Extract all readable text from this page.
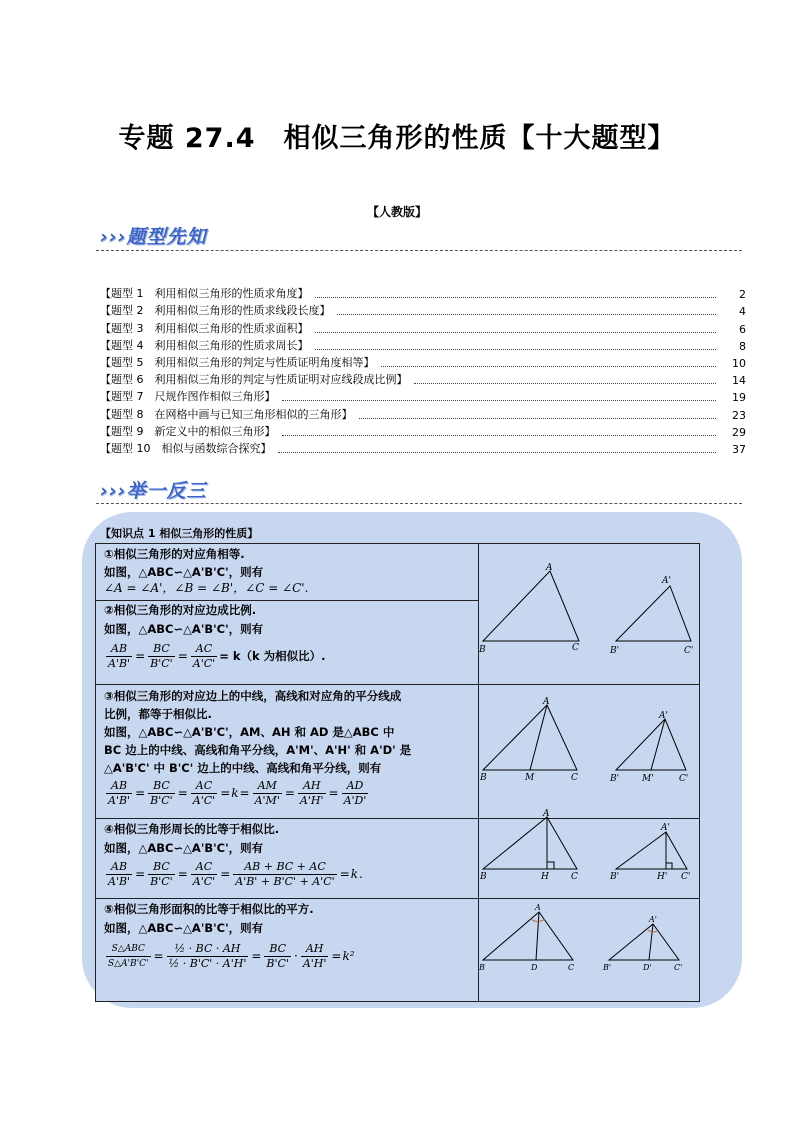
专题 27.4　相似三角形的性质【十大题型】
【人教版】
›››题型先知
【题型 1　利用相似三角形的性质求角度】	2
【题型 2　利用相似三角形的性质求线段长度】	4
【题型 3　利用相似三角形的性质求面积】	6
【题型 4　利用相似三角形的性质求周长】	8
【题型 5　利用相似三角形的判定与性质证明角度相等】	10
【题型 6　利用相似三角形的判定与性质证明对应线段成比例】	14
【题型 7　尺规作图作相似三角形】	19
【题型 8　在网格中画与已知三角形相似的三角形】	23
【题型 9　新定义中的相似三角形】	29
【题型 10　相似与函数综合探究】	37
›››举一反三
【知识点 1 相似三角形的性质】
①相似三角形的对应角相等.
如图，△ABC∽△A'B'C'，则有
∠A = ∠A'，∠B = ∠B'，∠C = ∠C'.
②相似三角形的对应边成比例.
如图，△ABC∽△A'B'C'，则有
$\frac{AB}{A'B'} = \frac{BC}{B'C'} = \frac{AC}{A'C'} = k(k$ 为相似比）.
③相似三角形的对应边上的中线，高线和对应角的平分线成
比例，都等于相似比.
如图，△ABC∽△A'B'C'，AM、AH 和 AD 是△ABC 中
BC 边上的中线、高线和角平分线，A'M'、A'H' 和 A'D' 是
△A'B'C' 中 B'C' 边上的中线、高线和角平分线，则有
$\frac{AB}{A'B'} = \frac{BC}{B'C'} = \frac{AC}{A'C'} =k= \frac{AM}{A'M'} = \frac{AH}{A'H'} = \frac{AD}{A'D'}$
④相似三角形周长的比等于相似比.
如图，△ABC∽△A'B'C'，则有
$\frac{AB}{A'B'} = \frac{BC}{B'C'} = \frac{AC}{A'C'} = \frac{AB + BC + AC}{A'B' + B'C' + A'C'} =k$.
⑤相似三角形面积的比等于相似比的平方.
如图，△ABC∽△A'B'C'，则有
$\frac{\text{S△ABC}}{S\triangle A'B'C'} = \frac{\text{½ · BC · AH}}{\text{½ · B'C' · A'H'}} = \frac{BC}{B'C'} \cdot \frac{AH}{A'H'} =k^2$
A
B	C
A'
B'	C'
A
B	M	C
A'
B'	M'	C'
A
B	H C
A'
B'	H' C'
A
B	D	C
A'
B'	D'	C'
